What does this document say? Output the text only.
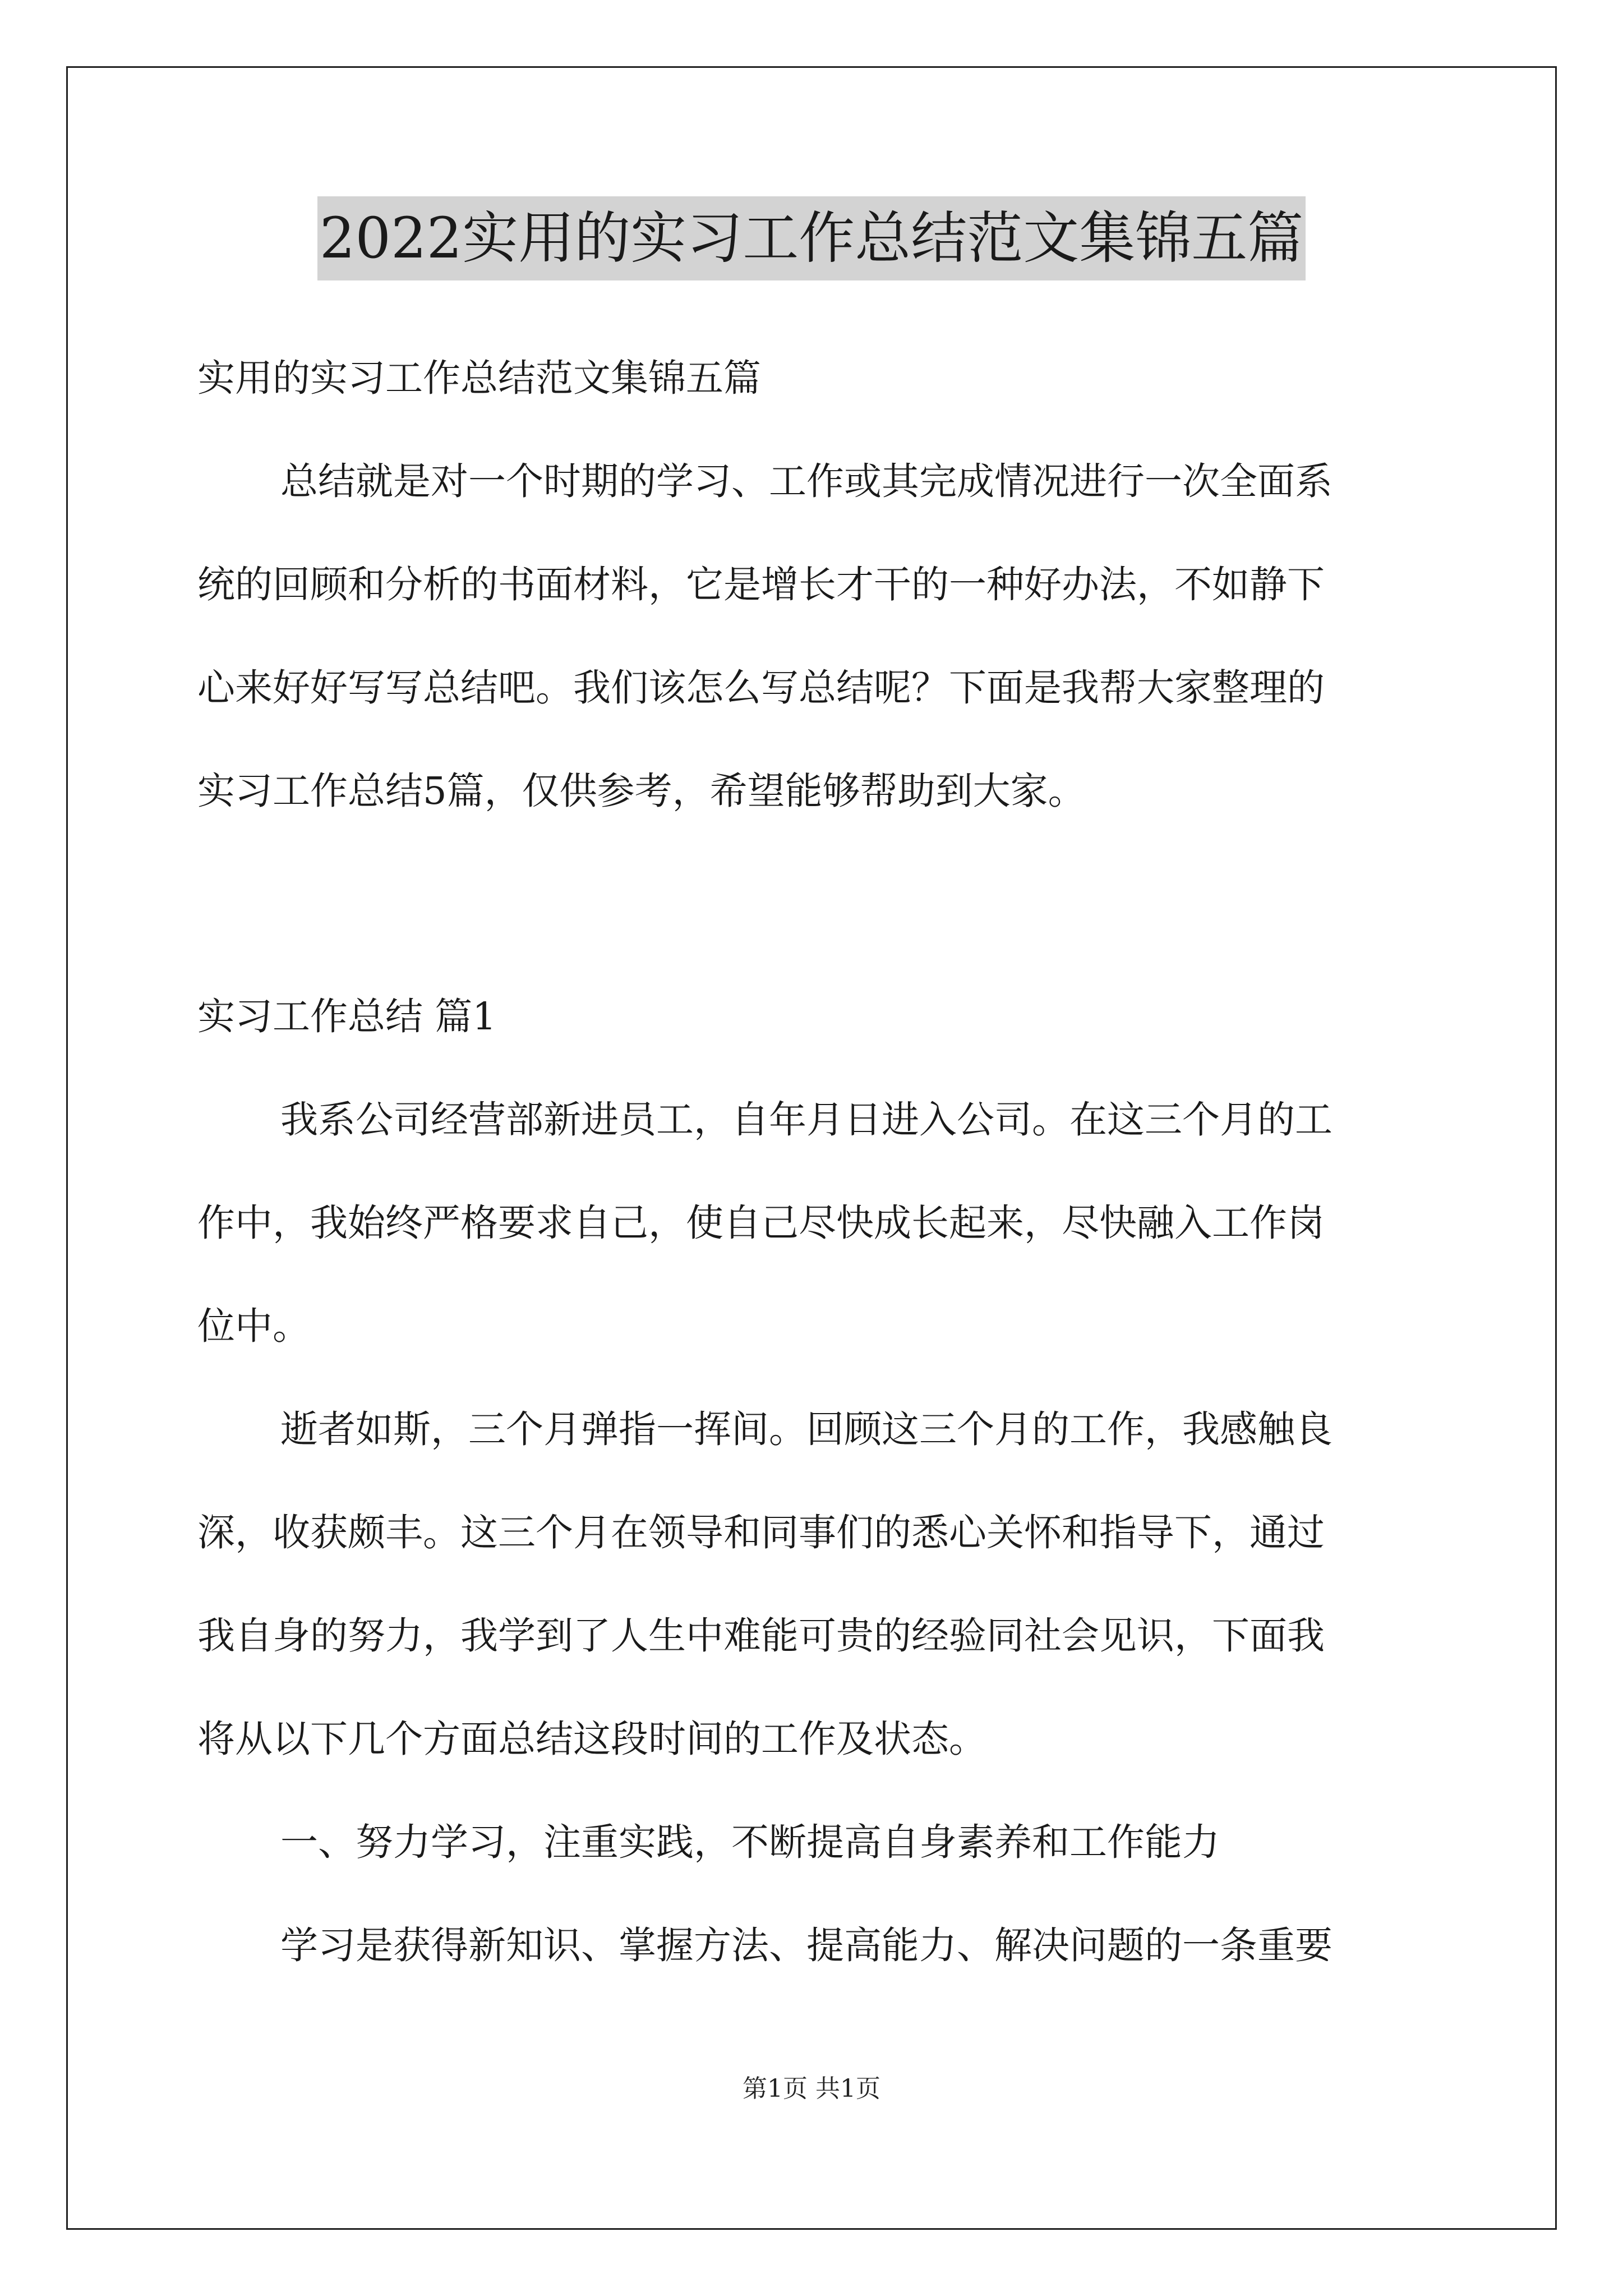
2022实用的实习工作总结范文集锦五篇
实用的实习工作总结范文集锦五篇
总结就是对一个时期的学习、工作或其完成情况进行一次全面系
统的回顾和分析的书面材料，它是增长才干的一种好办法，不如静下
心来好好写写总结吧。我们该怎么写总结呢？下面是我帮大家整理的
实习工作总结5篇，仅供参考，希望能够帮助到大家。
实习工作总结 篇1
我系公司经营部新进员工，自年月日进入公司。在这三个月的工
作中，我始终严格要求自己，使自己尽快成长起来，尽快融入工作岗
位中。
逝者如斯，三个月弹指一挥间。回顾这三个月的工作，我感触良
深，收获颇丰。这三个月在领导和同事们的悉心关怀和指导下，通过
我自身的努力，我学到了人生中难能可贵的经验同社会见识，下面我
将从以下几个方面总结这段时间的工作及状态。
一、努力学习，注重实践，不断提高自身素养和工作能力
学习是获得新知识、掌握方法、提高能力、解决问题的一条重要
第1页 共1页
